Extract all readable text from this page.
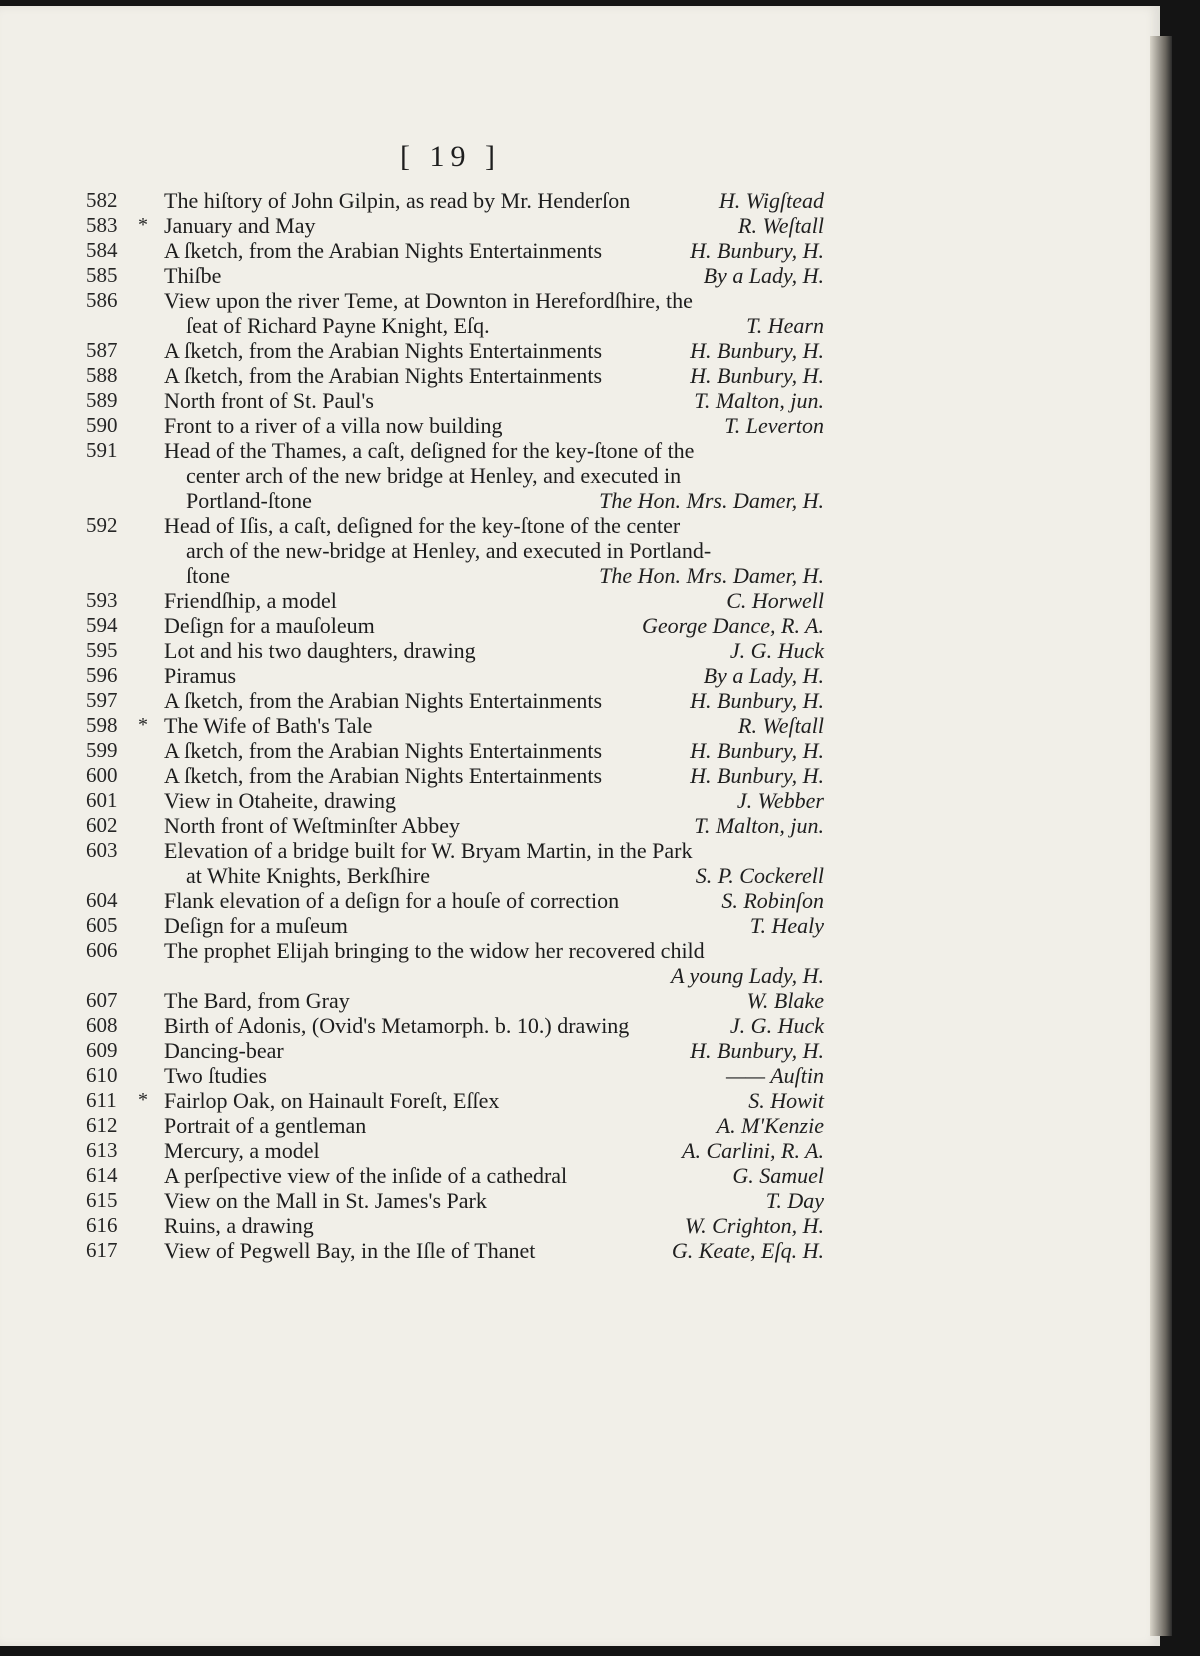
[ 19 ]
582	The hiſtory of John Gilpin, as read by Mr. Henderſon	H. Wigſtead
583	* January and May	R. Weſtall
584	A ſketch, from the Arabian Nights Entertainments	H. Bunbury, H.
585	Thiſbe	By a Lady, H.
586	View upon the river Teme, at Downton in Herefordſhire, the
ſeat of Richard Payne Knight, Eſq.	T. Hearn
587	A ſketch, from the Arabian Nights Entertainments	H. Bunbury, H.
588	A ſketch, from the Arabian Nights Entertainments	H. Bunbury, H.
589	North front of St. Paul's	T. Malton, jun.
590	Front to a river of a villa now building	T. Leverton
591	Head of the Thames, a caſt, deſigned for the key-ſtone of the
center arch of the new bridge at Henley, and executed in
Portland-ſtone	The Hon. Mrs. Damer, H.
592	Head of Iſis, a caſt, deſigned for the key-ſtone of the center
arch of the new-bridge at Henley, and executed in Portland-
ſtone	The Hon. Mrs. Damer, H.
593	Friendſhip, a model	C. Horwell
594	Deſign for a mauſoleum	George Dance, R. A.
595	Lot and his two daughters, drawing	J. G. Huck
596	Piramus	By a Lady, H.
597	A ſketch, from the Arabian Nights Entertainments	H. Bunbury, H.
598	* The Wife of Bath's Tale	R. Weſtall
599	A ſketch, from the Arabian Nights Entertainments	H. Bunbury, H.
600	A ſketch, from the Arabian Nights Entertainments	H. Bunbury, H.
601	View in Otaheite, drawing	J. Webber
602	North front of Weſtminſter Abbey	T. Malton, jun.
603	Elevation of a bridge built for W. Bryam Martin, in the Park
at White Knights, Berkſhire	S. P. Cockerell
604	Flank elevation of a deſign for a houſe of correction	S. Robinſon
605	Deſign for a muſeum	T. Healy
606	The prophet Elijah bringing to the widow her recovered child

A young Lady, H.
607	The Bard, from Gray	W. Blake
608	Birth of Adonis, (Ovid's Metamorph. b. 10.) drawing	J. G. Huck
609	Dancing-bear	H. Bunbury, H.
610	Two ſtudies	—— Auſtin
611	* Fairlop Oak, on Hainault Foreſt, Eſſex	S. Howit
612	Portrait of a gentleman	A. M'Kenzie
613	Mercury, a model	A. Carlini, R. A.
614	A perſpective view of the inſide of a cathedral	G. Samuel
615	View on the Mall in St. James's Park	T. Day
616	Ruins, a drawing	W. Crighton, H.
617	View of Pegwell Bay, in the Iſle of Thanet	G. Keate, Eſq. H.
